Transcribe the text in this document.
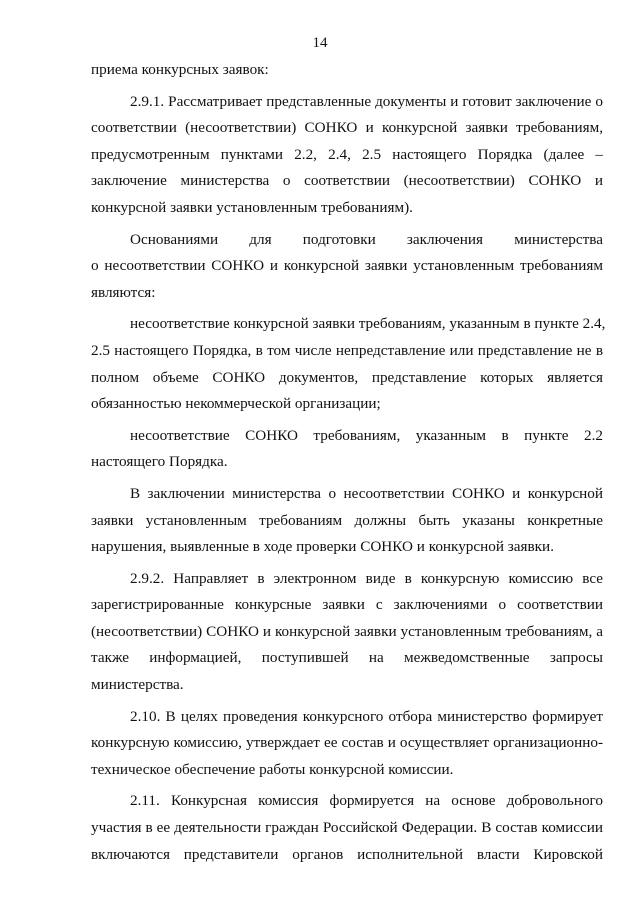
14
приема конкурсных заявок:
2.9.1. Рассматривает представленные документы и готовит заключение о
соответствии (несоответствии) СОНКО и конкурсной заявки требованиям,
предусмотренным пунктами 2.2, 2.4, 2.5 настоящего Порядка (далее –
заключение министерства о соответствии (несоответствии) СОНКО и
конкурсной заявки установленным требованиям).
Основаниями для подготовки заключения министерства
о несоответствии СОНКО и конкурсной заявки установленным требованиям
являются:
несоответствие конкурсной заявки требованиям, указанным в пункте 2.4,
2.5 настоящего Порядка, в том числе непредставление или представление не в
полном объеме СОНКО документов, представление которых является
обязанностью некоммерческой организации;
несоответствие СОНКО требованиям, указанным в пункте 2.2
настоящего Порядка.
В заключении министерства о несоответствии СОНКО и конкурсной
заявки установленным требованиям должны быть указаны конкретные
нарушения, выявленные в ходе проверки СОНКО и конкурсной заявки.
2.9.2. Направляет в электронном виде в конкурсную комиссию все
зарегистрированные конкурсные заявки с заключениями о соответствии
(несоответствии) СОНКО и конкурсной заявки установленным требованиям, а
также информацией, поступившей на межведомственные запросы
министерства.
2.10. В целях проведения конкурсного отбора министерство формирует
конкурсную комиссию, утверждает ее состав и осуществляет организационно-
техническое обеспечение работы конкурсной комиссии.
2.11. Конкурсная комиссия формируется на основе добровольного
участия в ее деятельности граждан Российской Федерации. В состав комиссии
включаются представители органов исполнительной власти Кировской
